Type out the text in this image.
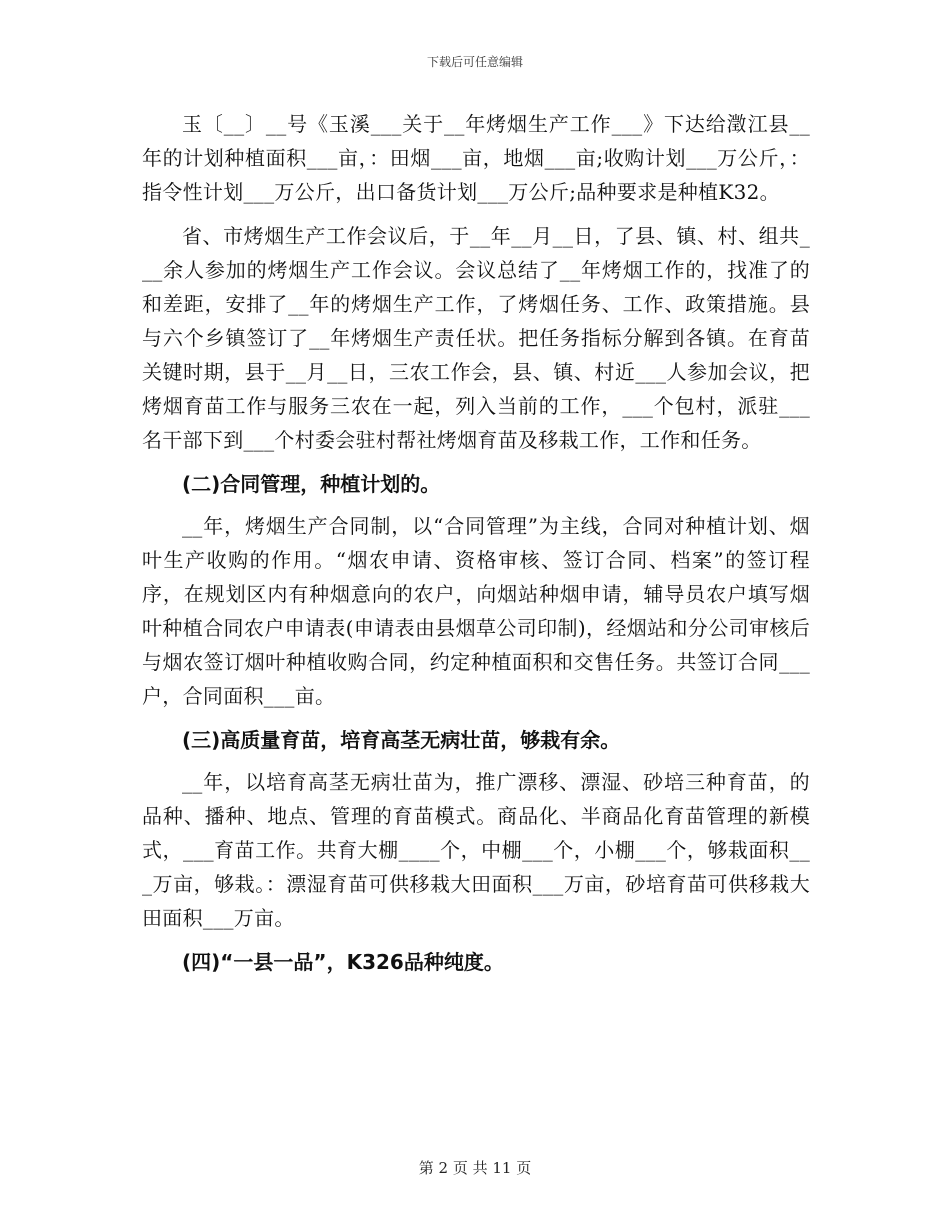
下载后可任意编辑

玉〔__〕__号《玉溪___关于__年烤烟生产工作___》下达给澂江县__年的计划种植面积___亩，：田烟___亩，地烟___亩;收购计划___万公斤，：指令性计划___万公斤，出口备货计划___万公斤;品种要求是种植K32。

省、市烤烟生产工作会议后，于__年__月__日，了县、镇、村、组共___余人参加的烤烟生产工作会议。会议总结了__年烤烟工作的，找准了的和差距，安排了__年的烤烟生产工作，了烤烟任务、工作、政策措施。县与六个乡镇签订了__年烤烟生产责任状。把任务指标分解到各镇。在育苗关键时期，县于__月__日，三农工作会，县、镇、村近___人参加会议，把烤烟育苗工作与服务三农在一起，列入当前的工作，___个包村，派驻___名干部下到___个村委会驻村帮社烤烟育苗及移栽工作，工作和任务。

(二)合同管理，种植计划的。

__年，烤烟生产合同制，以“合同管理”为主线，合同对种植计划、烟叶生产收购的作用。“烟农申请、资格审核、签订合同、档案”的签订程序，在规划区内有种烟意向的农户，向烟站种烟申请，辅导员农户填写烟叶种植合同农户申请表(申请表由县烟草公司印制)，经烟站和分公司审核后与烟农签订烟叶种植收购合同，约定种植面积和交售任务。共签订合同___户，合同面积___亩。

(三)高质量育苗，培育高茎无病壮苗，够栽有余。

__年，以培育高茎无病壮苗为，推广漂移、漂湿、砂培三种育苗，的品种、播种、地点、管理的育苗模式。商品化、半商品化育苗管理的新模式，___育苗工作。共育大棚____个，中棚___个，小棚___个，够栽面积___万亩，够栽。：漂湿育苗可供移栽大田面积___万亩，砂培育苗可供移栽大田面积___万亩。

(四)“一县一品”，K326品种纯度。

第 2 页 共 11 页
